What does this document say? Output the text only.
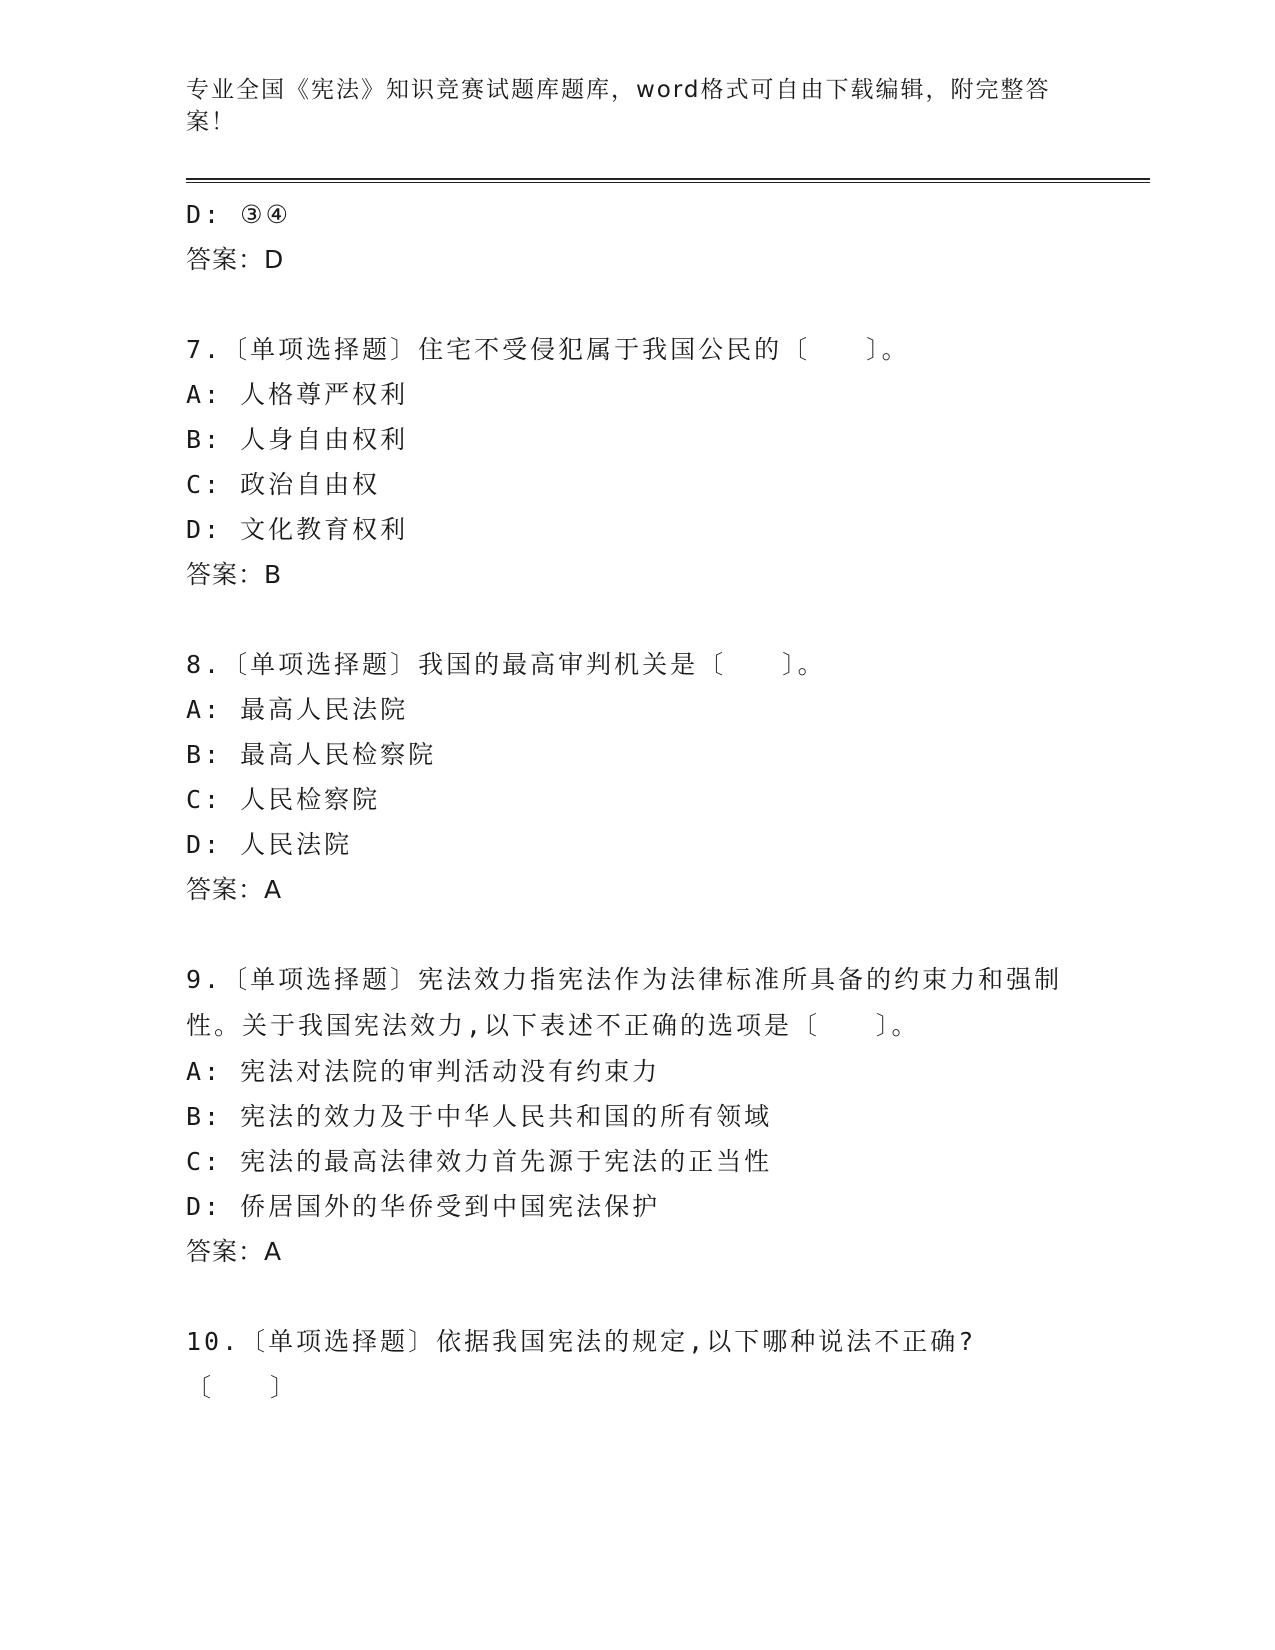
专业全国《宪法》知识竞赛试题库题库，word格式可自由下载编辑，附完整答案！
D: ③④
答案：D
7.〔单项选择题〕住宅不受侵犯属于我国公民的〔　　〕。
A: 人格尊严权利
B: 人身自由权利
C: 政治自由权
D: 文化教育权利
答案：B
8.〔单项选择题〕我国的最高审判机关是〔　　〕。
A: 最高人民法院
B: 最高人民检察院
C: 人民检察院
D: 人民法院
答案：A
9.〔单项选择题〕宪法效力指宪法作为法律标准所具备的约束力和强制性。关于我国宪法效力,以下表述不正确的选项是〔　　〕。
A: 宪法对法院的审判活动没有约束力
B: 宪法的效力及于中华人民共和国的所有领域
C: 宪法的最高法律效力首先源于宪法的正当性
D: 侨居国外的华侨受到中国宪法保护
答案：A
10.〔单项选择题〕依据我国宪法的规定,以下哪种说法不正确?〔　　〕
